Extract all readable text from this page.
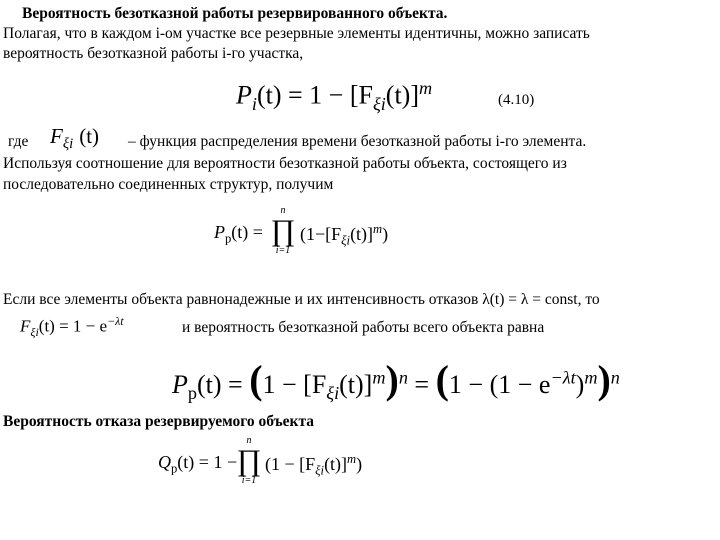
Вероятность безотказной работы резервированного объекта.
Полагая, что в каждом i-ом участке все резервные элементы идентичны, можно записать
вероятность безотказной работы i-го участка,
$P_i(t) = 1 - [F_{\xi i}(t)]^m$
(4.10)
где $F_{\xi i}$ (t) – функция распределения времени безотказной работы i-го элемента.
Используя соотношение для вероятности безотказной работы объекта, состоящего из
последовательно соединенных структур, получим
$P_p(t)$ =
n
∏
i=1
$(1-[F_{\xi i}(t)]^m)$
Если все элементы объекта равнонадежные и их интенсивность отказов λ(t) = λ = const, то
$F_{\xi i}(t) = 1 - e^{-\lambda t}$	и вероятность безотказной работы всего объекта равна
$P_p(t) = (1 - [F_{\xi i}(t)]^m)^n = (1 - (1 - e^{-\lambda t})^m)^n$
Вероятность отказа резервируемого объекта
$Q_p(t) = 1$ −
n
∏
i=1
$(1 - [F_{\xi i}(t)]^m)$
